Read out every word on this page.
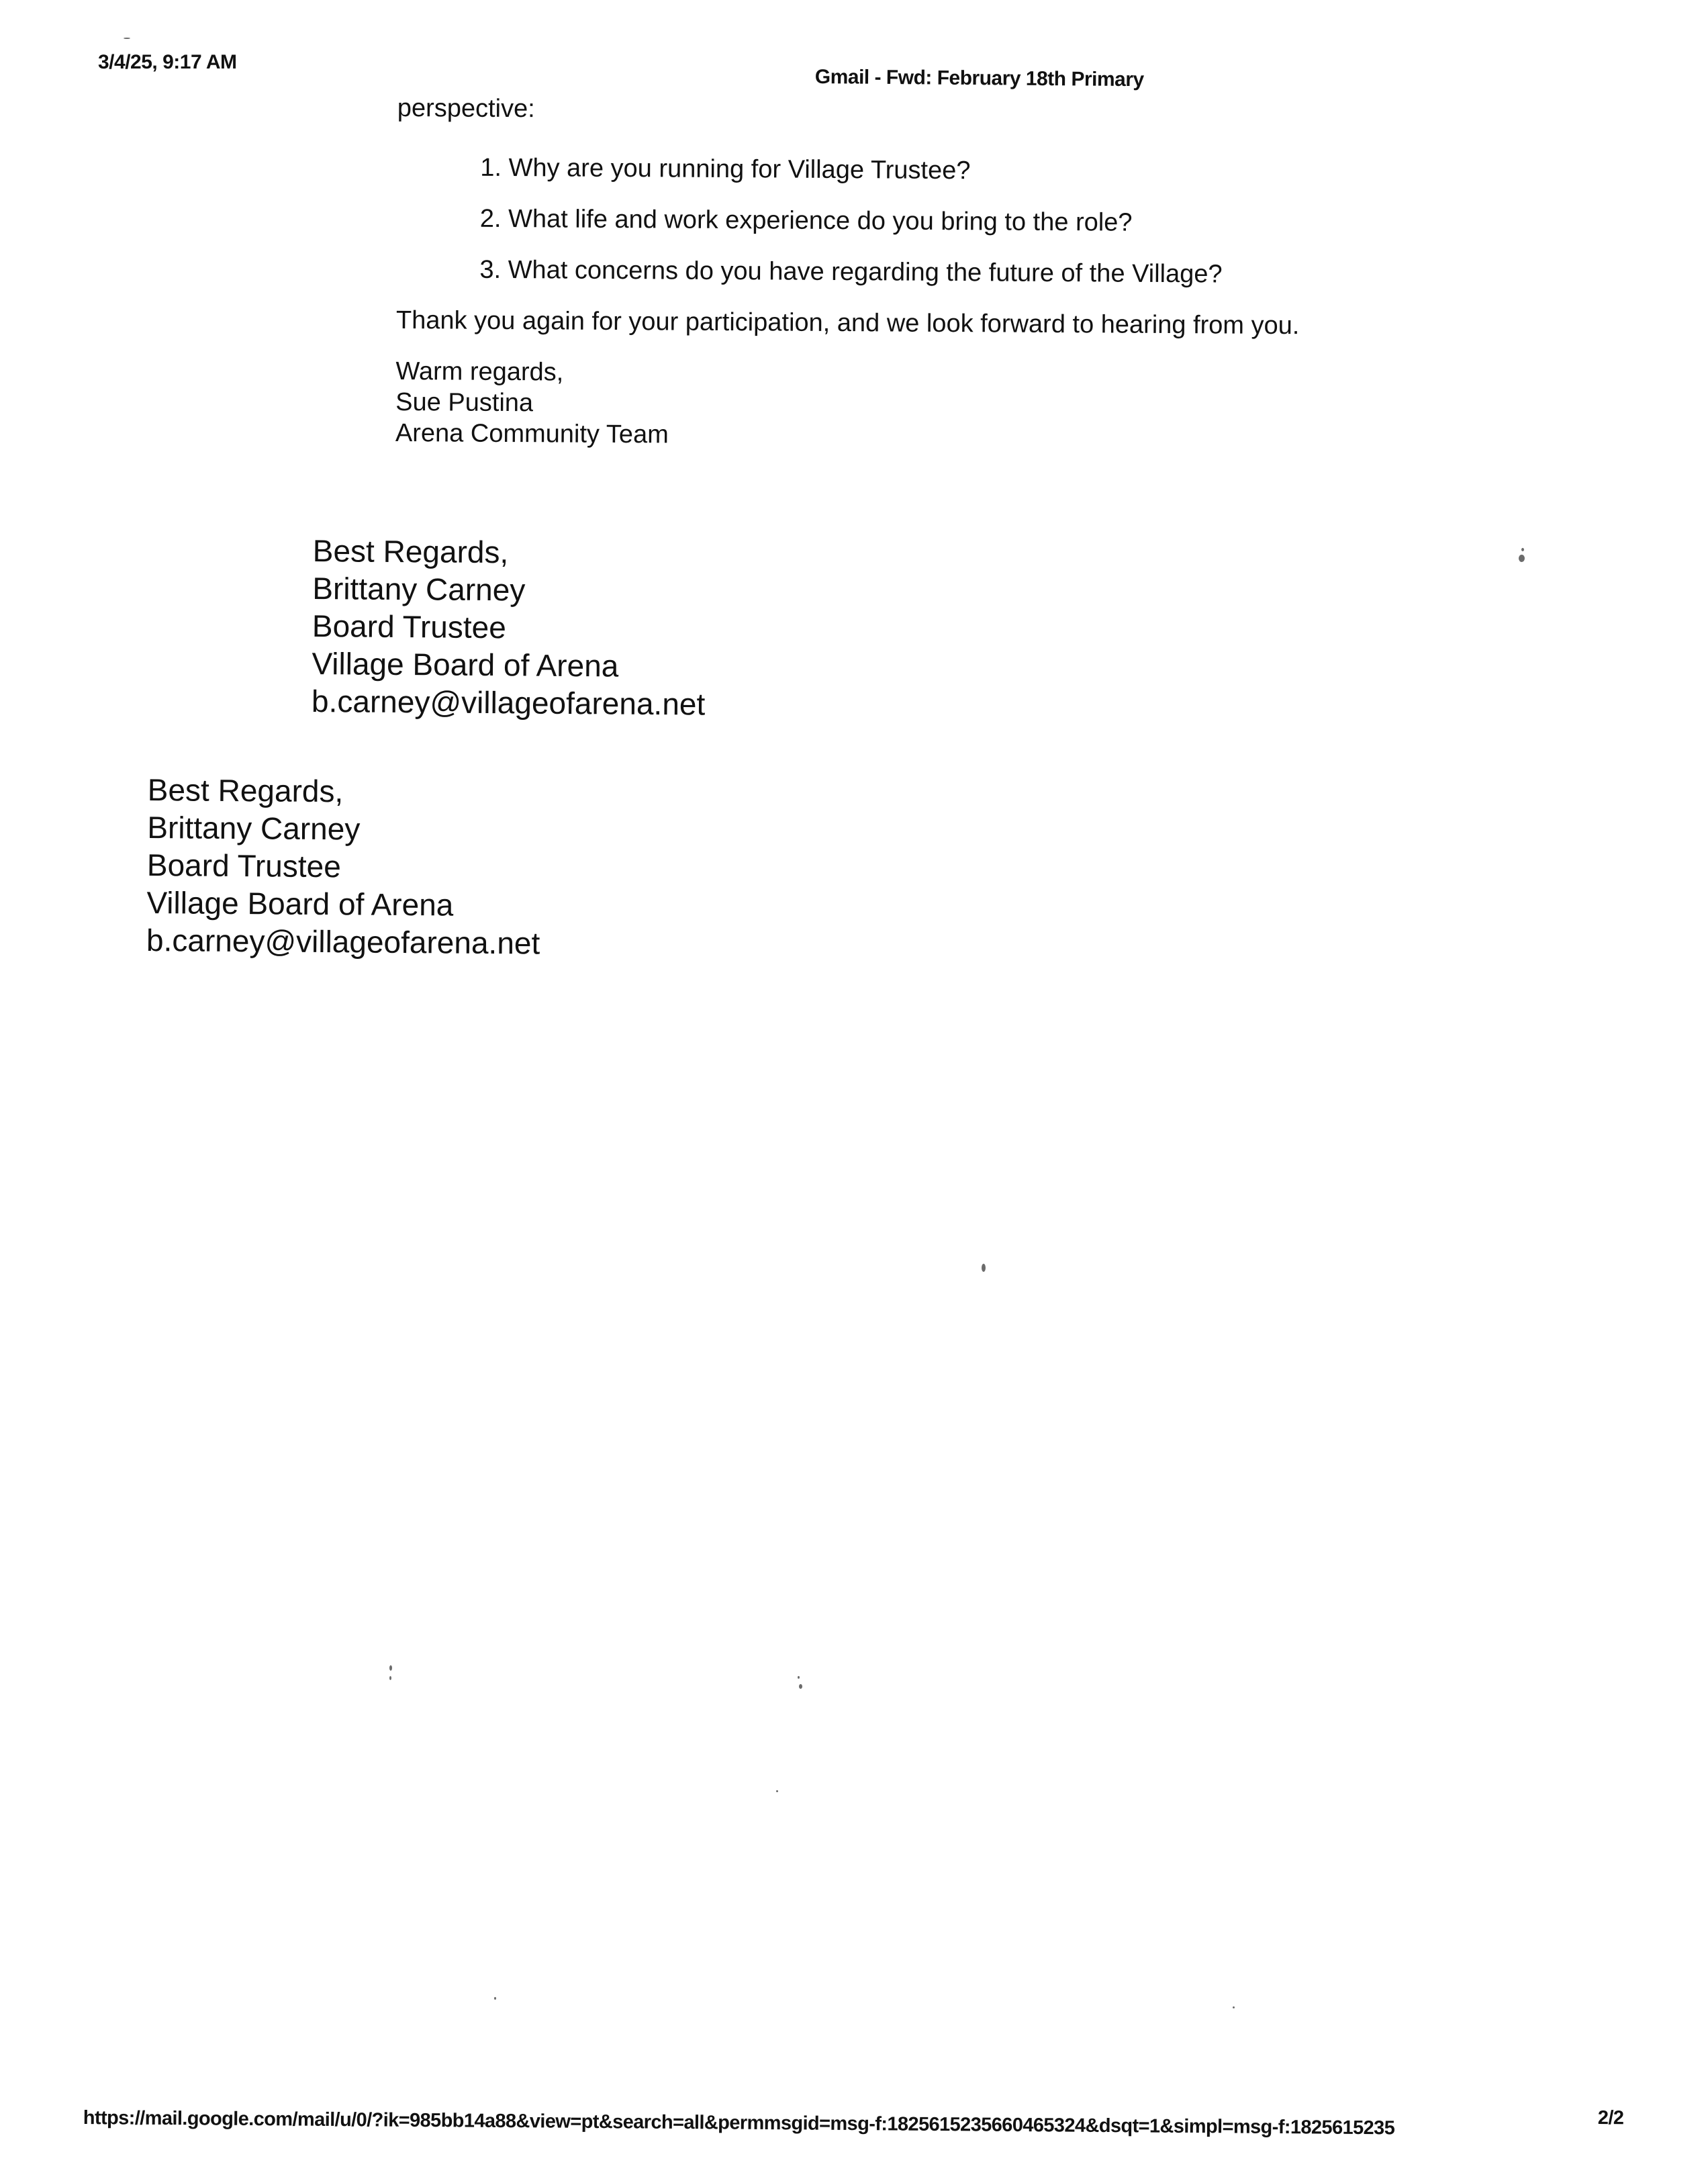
3/4/25, 9:17 AM
Gmail - Fwd: February 18th Primary
perspective:
1. Why are you running for Village Trustee?
2. What life and work experience do you bring to the role?
3. What concerns do you have regarding the future of the Village?
Thank you again for your participation, and we look forward to hearing from you.
Warm regards,
Sue Pustina
Arena Community Team
Best Regards,
Brittany Carney
Board Trustee
Village Board of Arena
b.carney@villageofarena.net
Best Regards,
Brittany Carney
Board Trustee
Village Board of Arena
b.carney@villageofarena.net
https://mail.google.com/mail/u/0/?ik=985bb14a88&view=pt&search=all&permmsgid=msg-f:1825615235660465324&dsqt=1&simpl=msg-f:1825615235	2/2
